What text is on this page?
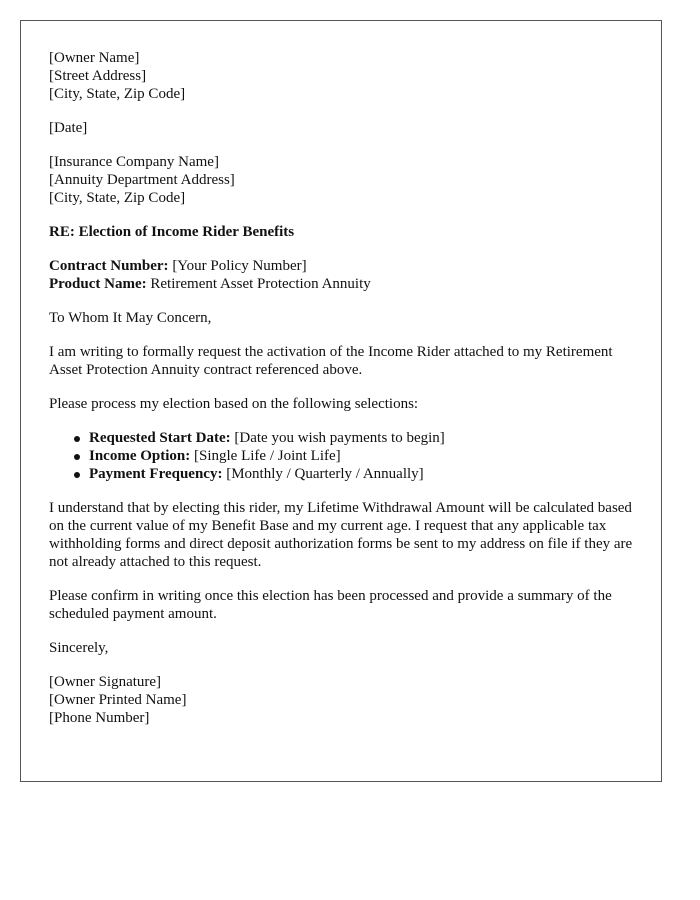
[Owner Name]
[Street Address]
[City, State, Zip Code]
[Date]
[Insurance Company Name]
[Annuity Department Address]
[City, State, Zip Code]
RE: Election of Income Rider Benefits
Contract Number: [Your Policy Number]
Product Name: Retirement Asset Protection Annuity

To Whom It May Concern,

I am writing to formally request the activation of the Income Rider attached to my Retirement Asset Protection Annuity contract referenced above.

Please process my election based on the following selections:

Requested Start Date: [Date you wish payments to begin]
Income Option: [Single Life / Joint Life]
Payment Frequency: [Monthly / Quarterly / Annually]

I understand that by electing this rider, my Lifetime Withdrawal Amount will be calculated based on the current value of my Benefit Base and my current age. I request that any applicable tax withholding forms and direct deposit authorization forms be sent to my address on file if they are not already attached to this request.

Please confirm in writing once this election has been processed and provide a summary of the scheduled payment amount.

Sincerely,

[Owner Signature]
[Owner Printed Name]
[Phone Number]
